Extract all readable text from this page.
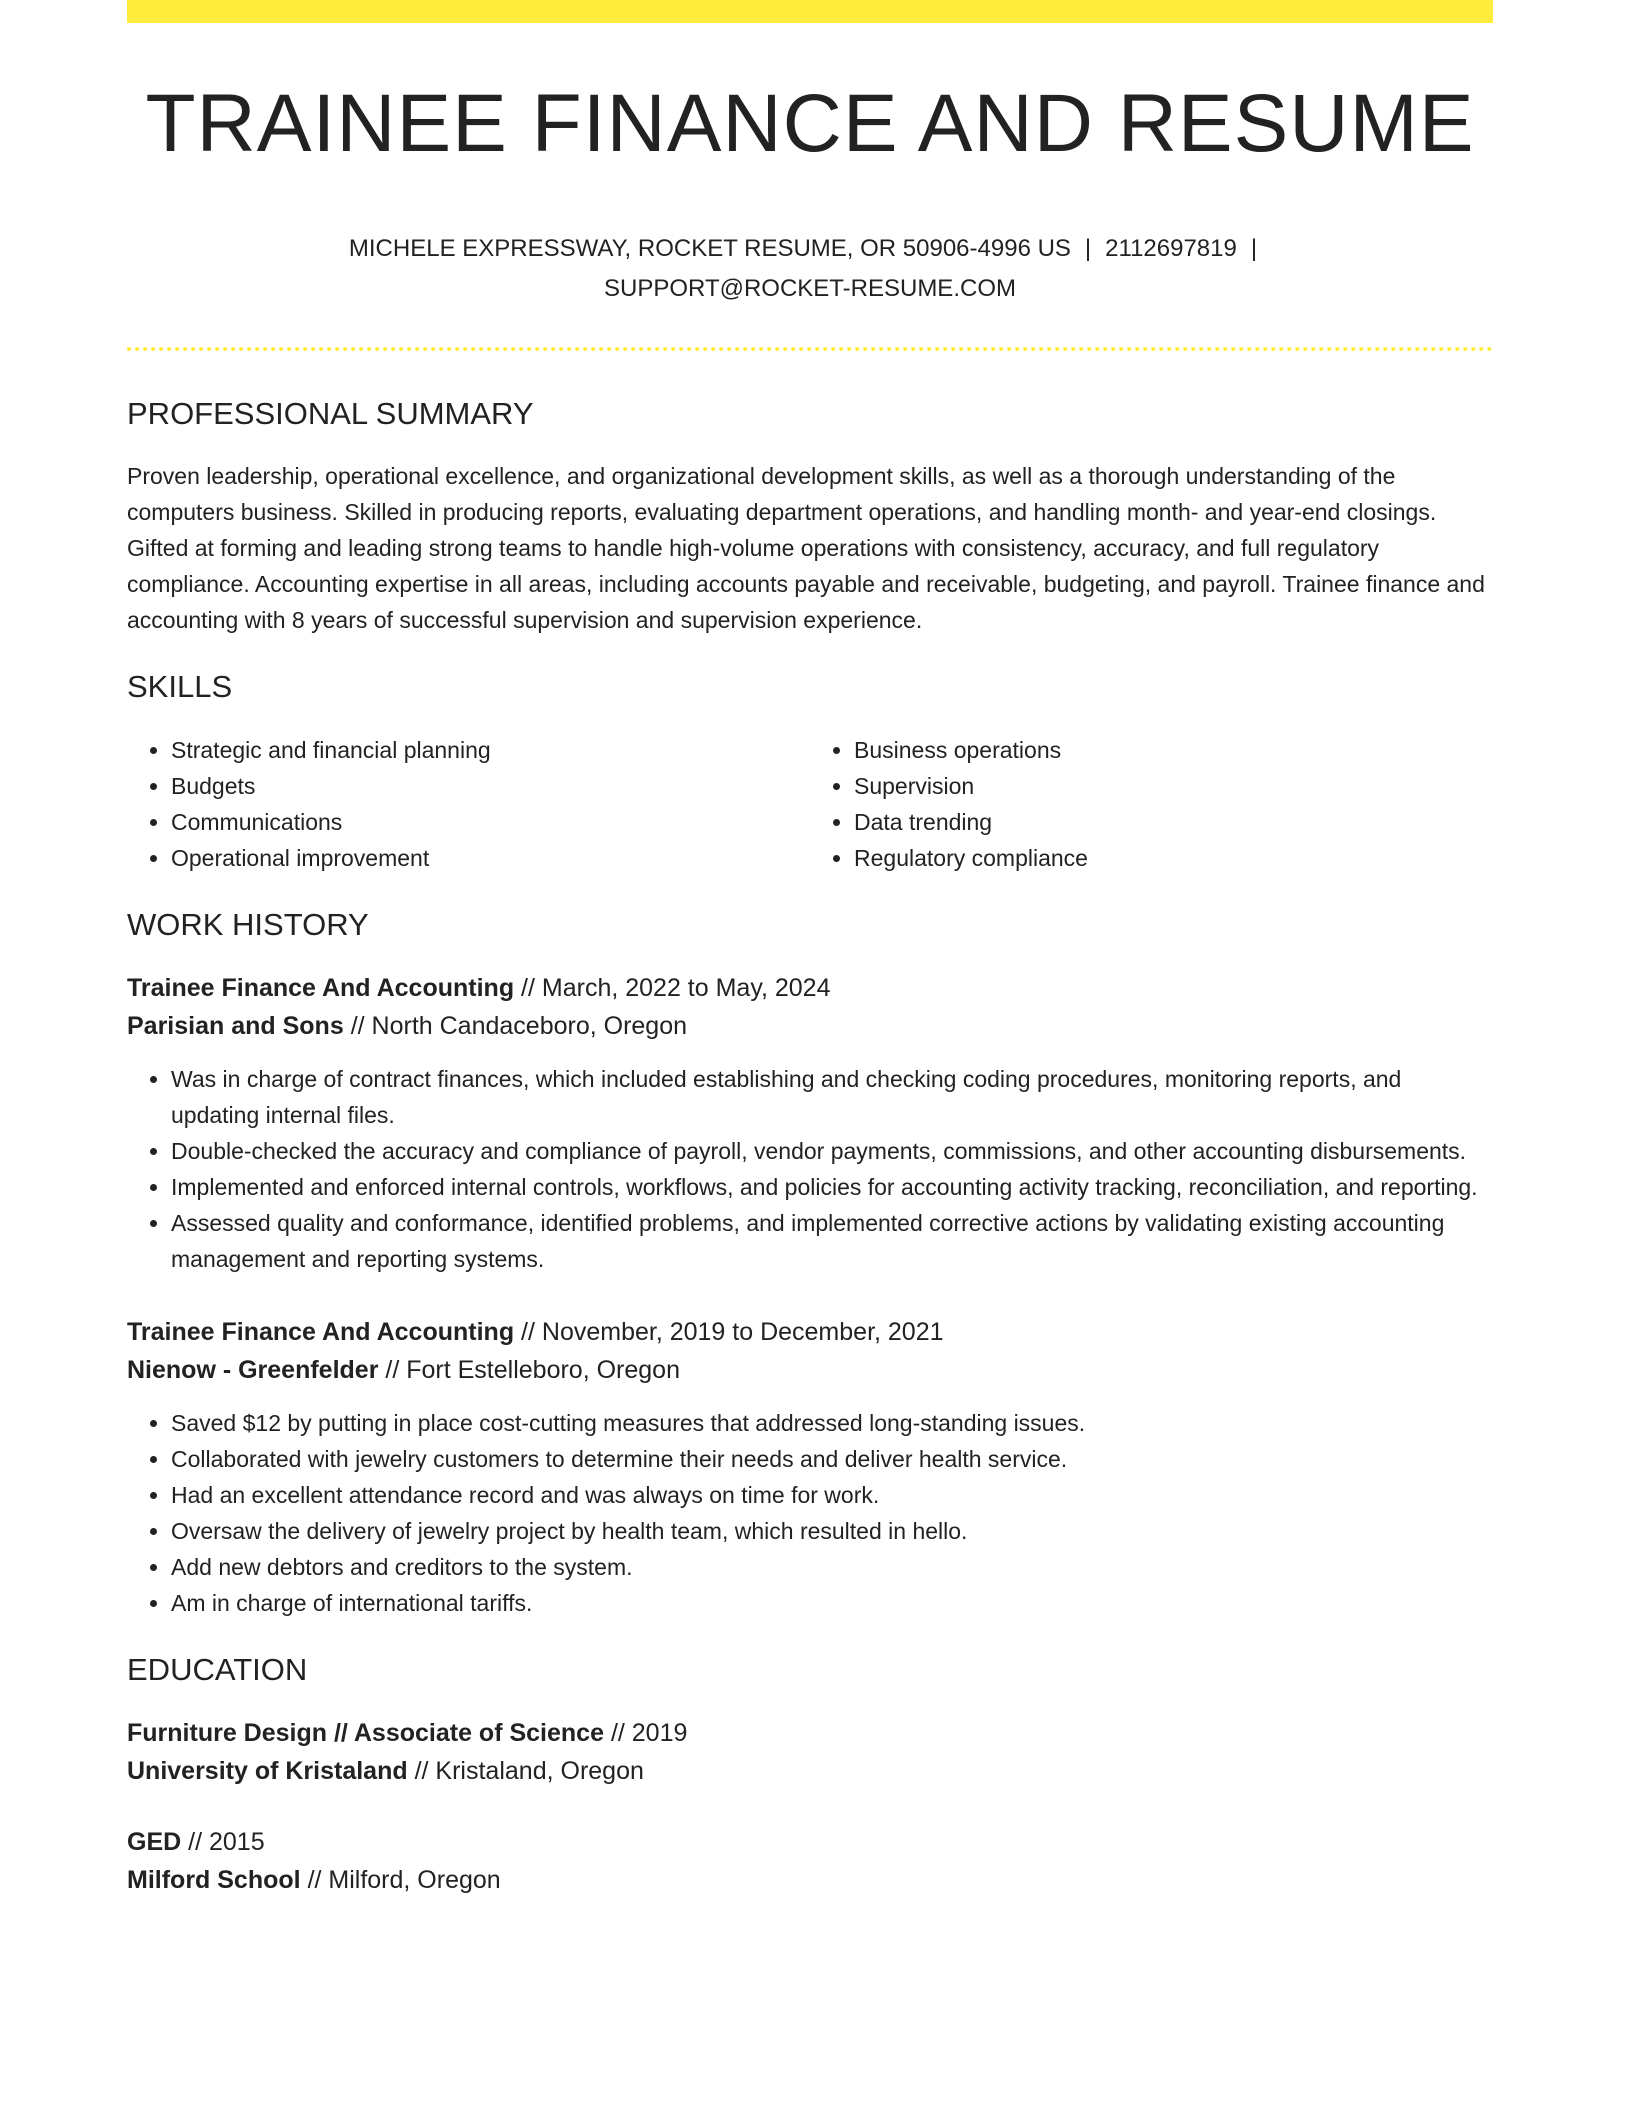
TRAINEE FINANCE AND RESUME
MICHELE EXPRESSWAY, ROCKET RESUME, OR 50906-4996 US | 2112697819 |
SUPPORT@ROCKET-RESUME.COM
PROFESSIONAL SUMMARY

Proven leadership, operational excellence, and organizational development skills, as well as a thorough understanding of the computers business. Skilled in producing reports, evaluating department operations, and handling month- and year-end closings. Gifted at forming and leading strong teams to handle high-volume operations with consistency, accuracy, and full regulatory compliance. Accounting expertise in all areas, including accounts payable and receivable, budgeting, and payroll. Trainee finance and accounting with 8 years of successful supervision and supervision experience.

SKILLS
• Strategic and financial planning
• Budgets
• Communications
• Operational improvement
• Business operations
• Supervision
• Data trending
• Regulatory compliance
WORK HISTORY
Trainee Finance And Accounting // March, 2022 to May, 2024
Parisian and Sons // North Candaceboro, Oregon
• Was in charge of contract finances, which included establishing and checking coding procedures, monitoring reports, and updating internal files.
• Double-checked the accuracy and compliance of payroll, vendor payments, commissions, and other accounting disbursements.
• Implemented and enforced internal controls, workflows, and policies for accounting activity tracking, reconciliation, and reporting.
• Assessed quality and conformance, identified problems, and implemented corrective actions by validating existing accounting management and reporting systems.
Trainee Finance And Accounting // November, 2019 to December, 2021
Nienow - Greenfelder // Fort Estelleboro, Oregon
• Saved $12 by putting in place cost-cutting measures that addressed long-standing issues.
• Collaborated with jewelry customers to determine their needs and deliver health service.
• Had an excellent attendance record and was always on time for work.
• Oversaw the delivery of jewelry project by health team, which resulted in hello.
• Add new debtors and creditors to the system.
• Am in charge of international tariffs.
EDUCATION
Furniture Design // Associate of Science // 2019
University of Kristaland // Kristaland, Oregon
GED // 2015
Milford School // Milford, Oregon
